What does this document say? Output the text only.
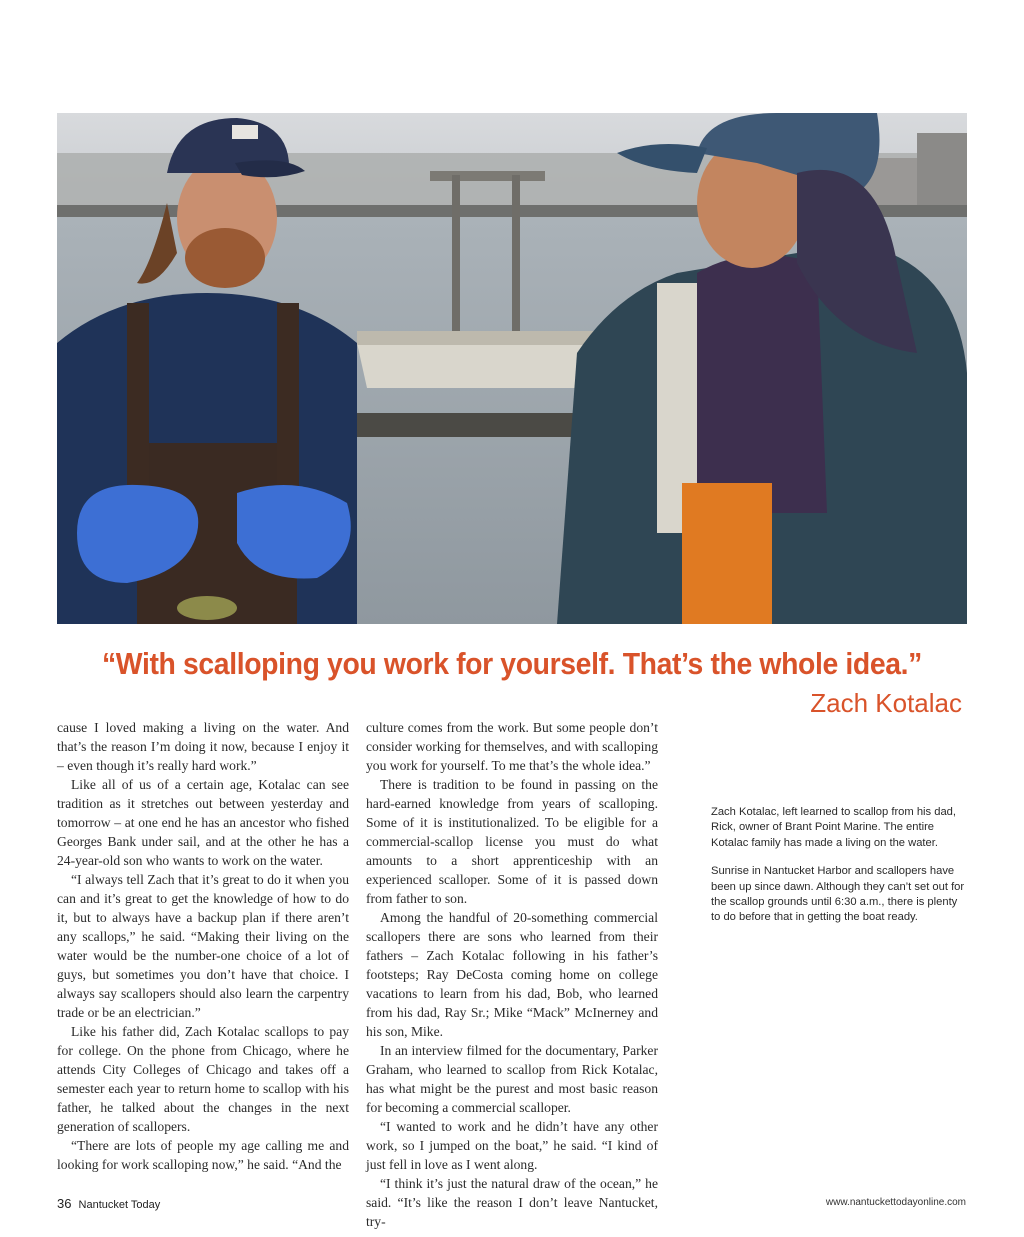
“With scalloping you work for yourself. That’s the whole idea.”
Zach Kotalac

cause I loved making a living on the water. And that’s the reason I’m doing it now, because I enjoy it – even though it’s really hard work.”

Like all of us of a certain age, Kotalac can see tradition as it stretches out between yesterday and tomorrow – at one end he has an ancestor who fished Georges Bank under sail, and at the other he has a 24-year-old son who wants to work on the water.

“I always tell Zach that it’s great to do it when you can and it’s great to get the knowledge of how to do it, but to always have a backup plan if there aren’t any scallops,” he said. “Making their living on the water would be the number-one choice of a lot of guys, but sometimes you don’t have that choice. I always say scallopers should also learn the carpentry trade or be an electrician.”

Like his father did, Zach Kotalac scallops to pay for college. On the phone from Chicago, where he attends City Colleges of Chicago and takes off a semester each year to return home to scallop with his father, he talked about the changes in the next generation of scallopers.

“There are lots of people my age calling me and looking for work scalloping now,” he said. “And the

culture comes from the work. But some people don’t consider working for themselves, and with scalloping you work for yourself. To me that’s the whole idea.”

There is tradition to be found in passing on the hard-earned knowledge from years of scalloping. Some of it is institutionalized. To be eligible for a commercial-scallop license you must do what amounts to a short apprenticeship with an experienced scalloper. Some of it is passed down from father to son.

Among the handful of 20-something commercial scallopers there are sons who learned from their fathers – Zach Kotalac following in his father’s footsteps; Ray DeCosta coming home on college vacations to learn from his dad, Bob, who learned from his dad, Ray Sr.; Mike “Mack” McInerney and his son, Mike.

In an interview filmed for the documentary, Parker Graham, who learned to scallop from Rick Kotalac, has what might be the purest and most basic reason for becoming a commercial scalloper.

“I wanted to work and he didn’t have any other work, so I jumped on the boat,” he said. “I kind of just fell in love as I went along.

“I think it’s just the natural draw of the ocean,” he said. “It’s like the reason I don’t leave Nantucket, try-

Zach Kotalac, left learned to scallop from his dad, Rick, owner of Brant Point Marine. The entire Kotalac family has made a living on the water.

Sunrise in Nantucket Harbor and scallopers have been up since dawn. Although they can’t set out for the scallop grounds until 6:30 a.m., there is plenty to do before that in getting the boat ready.

36 Nantucket Today	www.nantuckettodayonline.com
